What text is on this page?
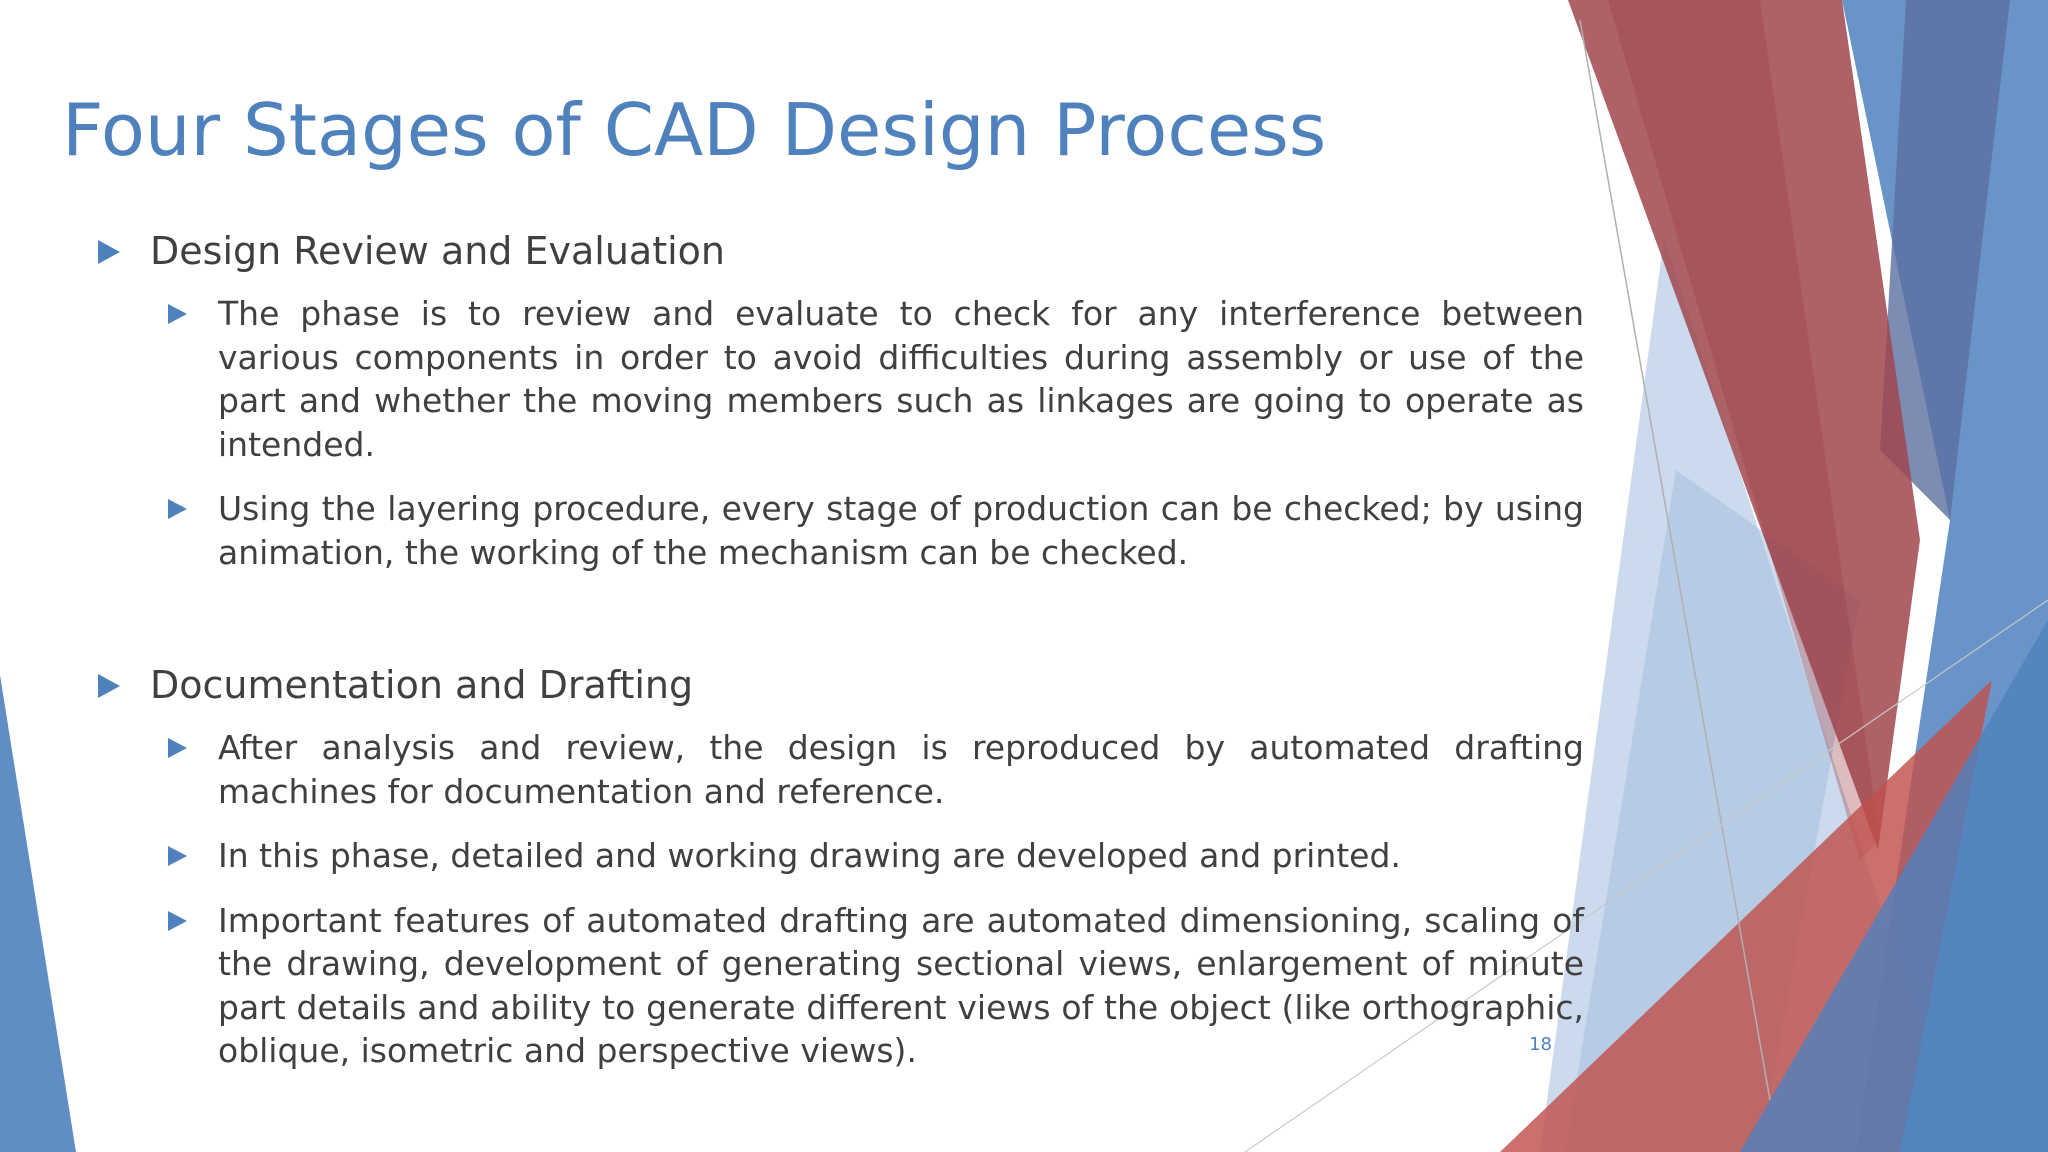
Four Stages of CAD Design Process
Design Review and Evaluation
The phase is to review and evaluate to check for any interference between various components in order to avoid difficulties during assembly or use of the part and whether the moving members such as linkages are going to operate as intended.
Using the layering procedure, every stage of production can be checked; by using animation, the working of the mechanism can be checked.
Documentation and Drafting
After analysis and review, the design is reproduced by automated drafting machines for documentation and reference.
In this phase, detailed and working drawing are developed and printed.
Important features of automated drafting are automated dimensioning, scaling of the drawing, development of generating sectional views, enlargement of minute part details and ability to generate different views of the object (like orthographic, oblique, isometric and perspective views).	18
